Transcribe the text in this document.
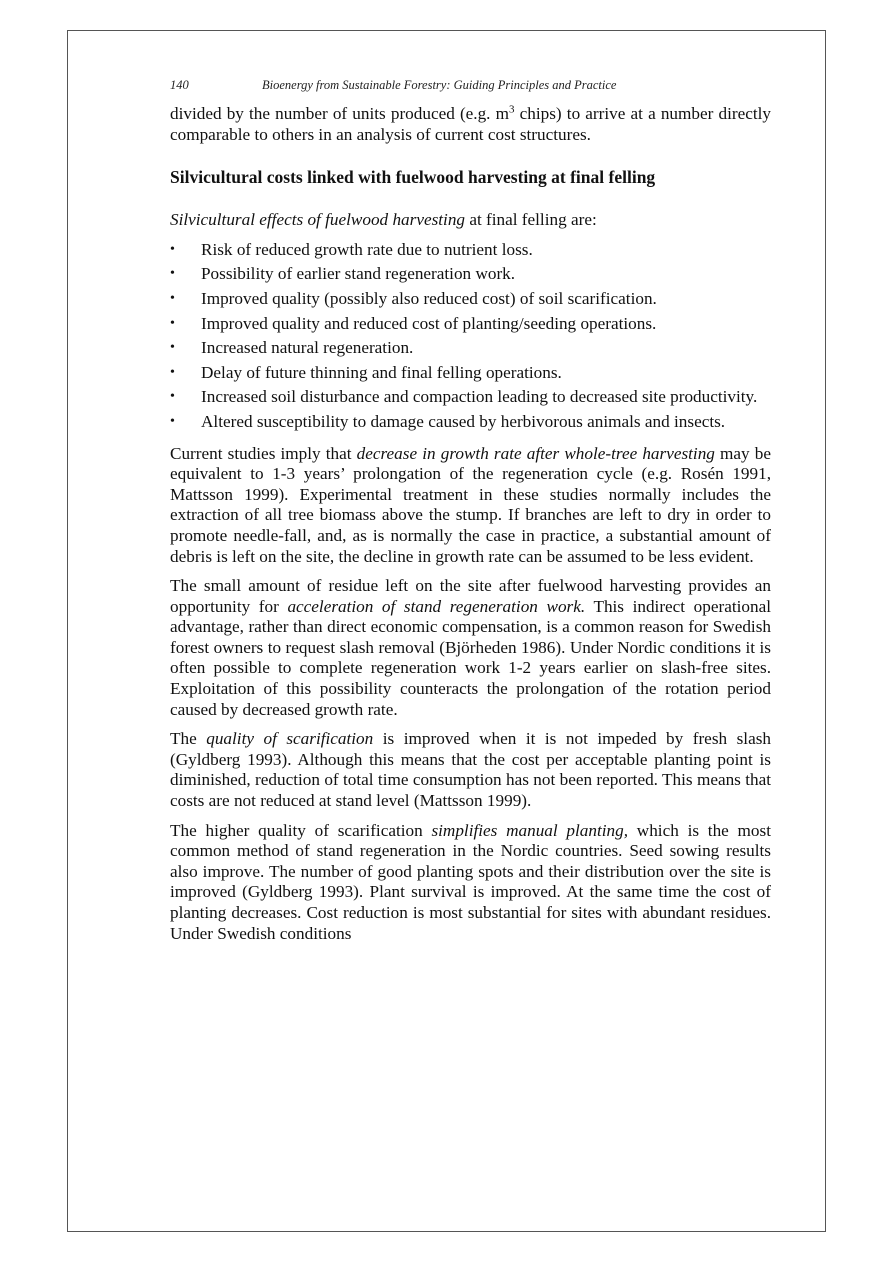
140	Bioenergy from Sustainable Forestry: Guiding Principles and Practice

divided by the number of units produced (e.g. $m^3$ chips) to arrive at a number directly comparable to others in an analysis of current cost structures.

Silvicultural costs linked with fuelwood harvesting at final felling

Silvicultural effects of fuelwood harvesting at final felling are:

• Risk of reduced growth rate due to nutrient loss.
• Possibility of earlier stand regeneration work.
• Improved quality (possibly also reduced cost) of soil scarification.
• Improved quality and reduced cost of planting/seeding operations.
• Increased natural regeneration.
• Delay of future thinning and final felling operations.
• Increased soil disturbance and compaction leading to decreased site productivity.
• Altered susceptibility to damage caused by herbivorous animals and insects.

Current studies imply that decrease in growth rate after whole-tree harvesting may be equivalent to 1-3 years’ prolongation of the regeneration cycle (e.g. Rosén 1991, Mattsson 1999). Experimental treatment in these studies normally includes the extraction of all tree biomass above the stump. If branches are left to dry in order to promote needle-fall, and, as is normally the case in practice, a substantial amount of debris is left on the site, the decline in growth rate can be assumed to be less evident.

The small amount of residue left on the site after fuelwood harvesting provides an opportunity for acceleration of stand regeneration work. This indirect operational advantage, rather than direct economic compensation, is a common reason for Swedish forest owners to request slash removal (Björheden 1986). Under Nordic conditions it is often possible to complete regeneration work 1-2 years earlier on slash-free sites. Exploitation of this possibility counteracts the prolongation of the rotation period caused by decreased growth rate.

The quality of scarification is improved when it is not impeded by fresh slash (Gyldberg 1993). Although this means that the cost per acceptable planting point is diminished, reduction of total time consumption has not been reported. This means that costs are not reduced at stand level (Mattsson 1999).

The higher quality of scarification simplifies manual planting, which is the most common method of stand regeneration in the Nordic countries. Seed sowing results also improve. The number of good planting spots and their distribution over the site is improved (Gyldberg 1993). Plant survival is improved. At the same time the cost of planting decreases. Cost reduction is most substantial for sites with abundant residues. Under Swedish conditions
